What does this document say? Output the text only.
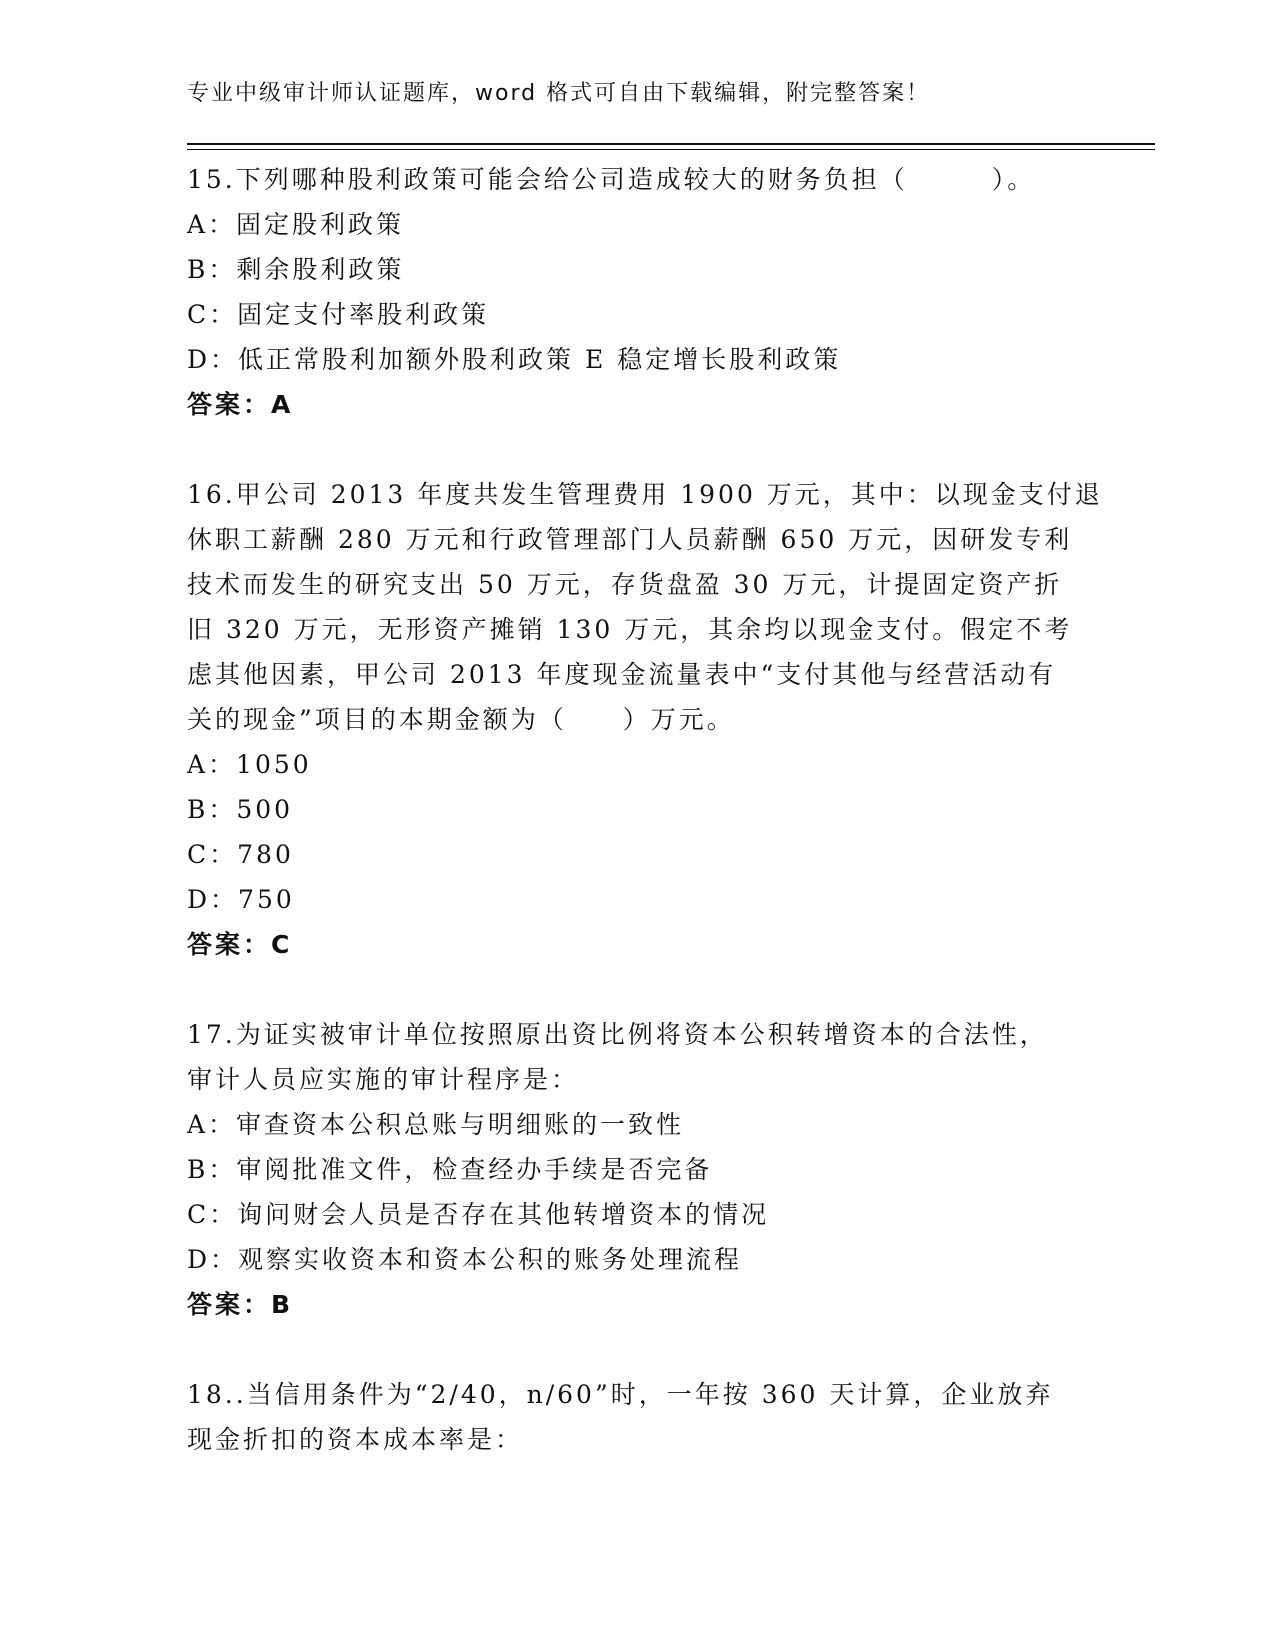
专业中级审计师认证题库，word 格式可自由下载编辑，附完整答案！

15.下列哪种股利政策可能会给公司造成较大的财务负担（　　　）。

A：固定股利政策

B：剩余股利政策

C：固定支付率股利政策

D：低正常股利加额外股利政策 E 稳定增长股利政策

答案：A

16.甲公司 2013 年度共发生管理费用 1900 万元，其中：以现金支付退

休职工薪酬 280 万元和行政管理部门人员薪酬 650 万元，因研发专利

技术而发生的研究支出 50 万元，存货盘盈 30 万元，计提固定资产折

旧 320 万元，无形资产摊销 130 万元，其余均以现金支付。假定不考

虑其他因素，甲公司 2013 年度现金流量表中“支付其他与经营活动有

关的现金”项目的本期金额为（　　）万元。

A：1050

B：500

C：780

D：750

答案：C

17.为证实被审计单位按照原出资比例将资本公积转增资本的合法性，

审计人员应实施的审计程序是：

A：审查资本公积总账与明细账的一致性

B：审阅批准文件，检查经办手续是否完备

C：询问财会人员是否存在其他转增资本的情况

D：观察实收资本和资本公积的账务处理流程

答案：B

18..当信用条件为“2/40，n/60”时，一年按 360 天计算，企业放弃

现金折扣的资本成本率是：
